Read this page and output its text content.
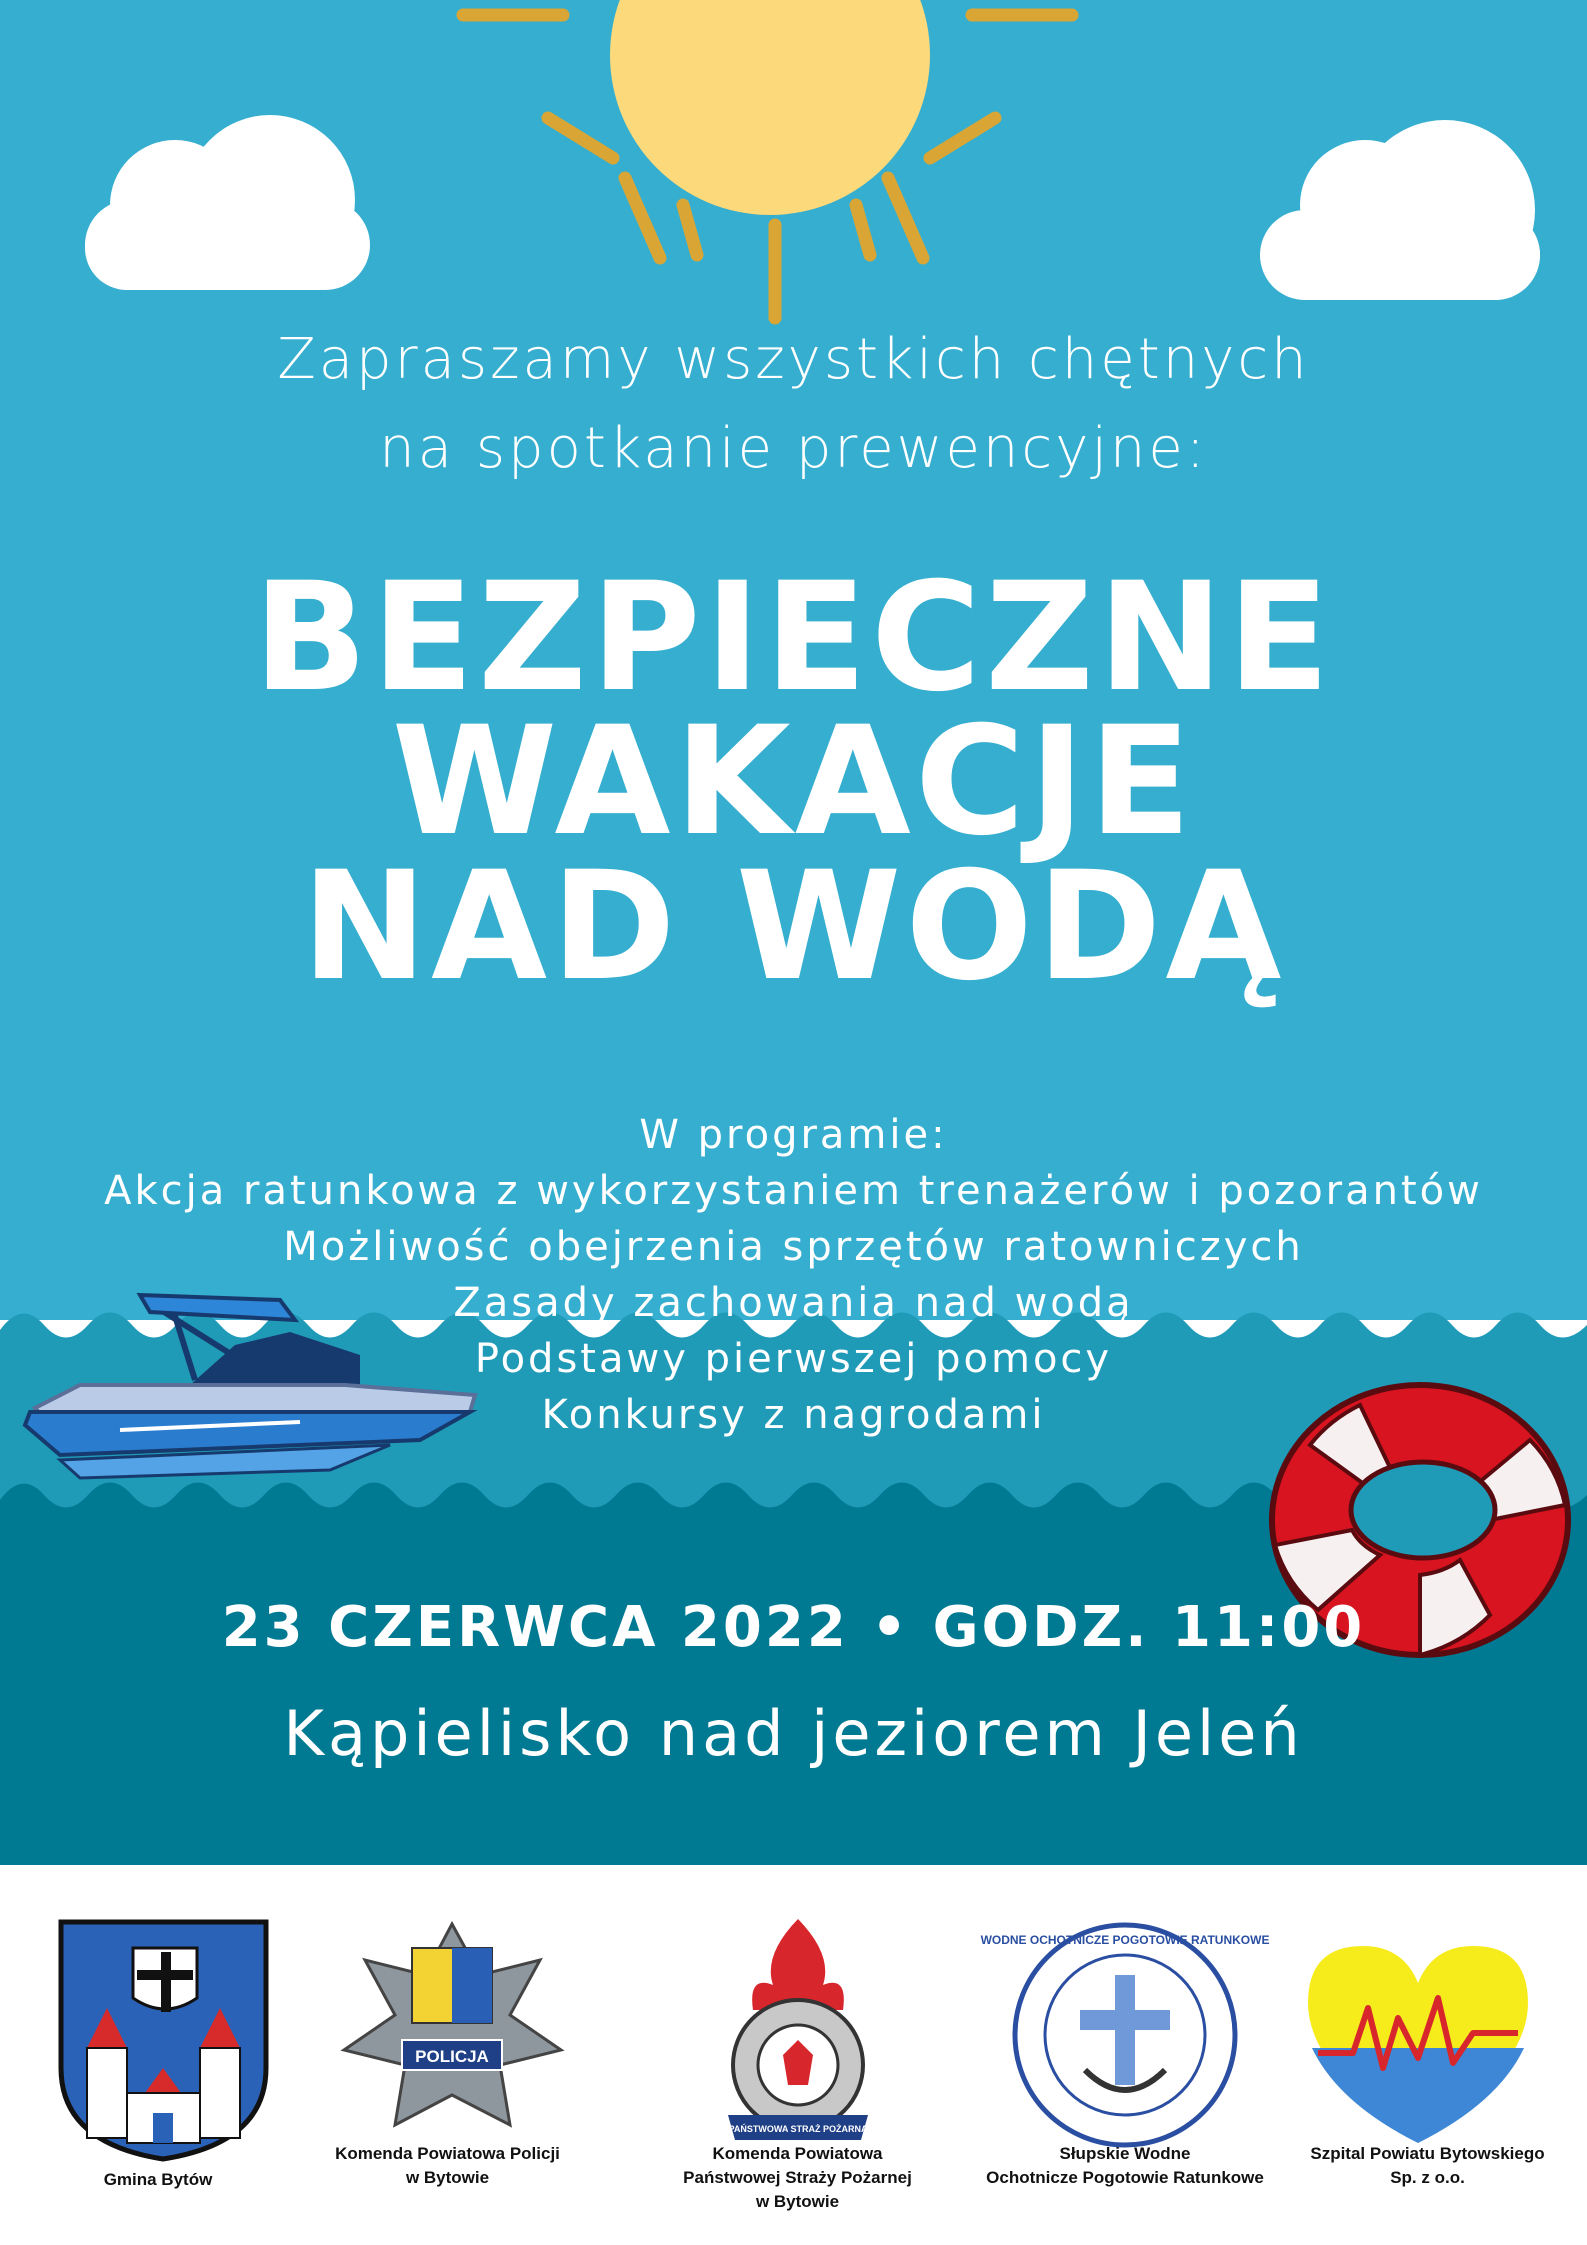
Zapraszamy wszystkich chętnych

na spotkanie prewencyjne:

BEZPIECZNE

WAKACJE

NAD WODĄ

W programie:

Akcja ratunkowa z wykorzystaniem trenażerów i pozorantów

Możliwość obejrzenia sprzętów ratowniczych

Zasady zachowania nad wodą

Podstawy pierwszej pomocy

Konkursy z nagrodami

23 CZERWCA 2022 • GODZ. 11:00

Kąpielisko nad jeziorem Jeleń

POLICJA
PAŃSTWOWA STRAŻ POŻARNA
WODNE OCHOTNICZE POGOTOWIE RATUNKOWE
Gmina Bytów
Komenda Powiatowa Policji
w Bytowie
Komenda Powiatowa
Państwowej Straży Pożarnej
w Bytowie
Słupskie Wodne
Ochotnicze Pogotowie Ratunkowe
Szpital Powiatu Bytowskiego
Sp. z o.o.
